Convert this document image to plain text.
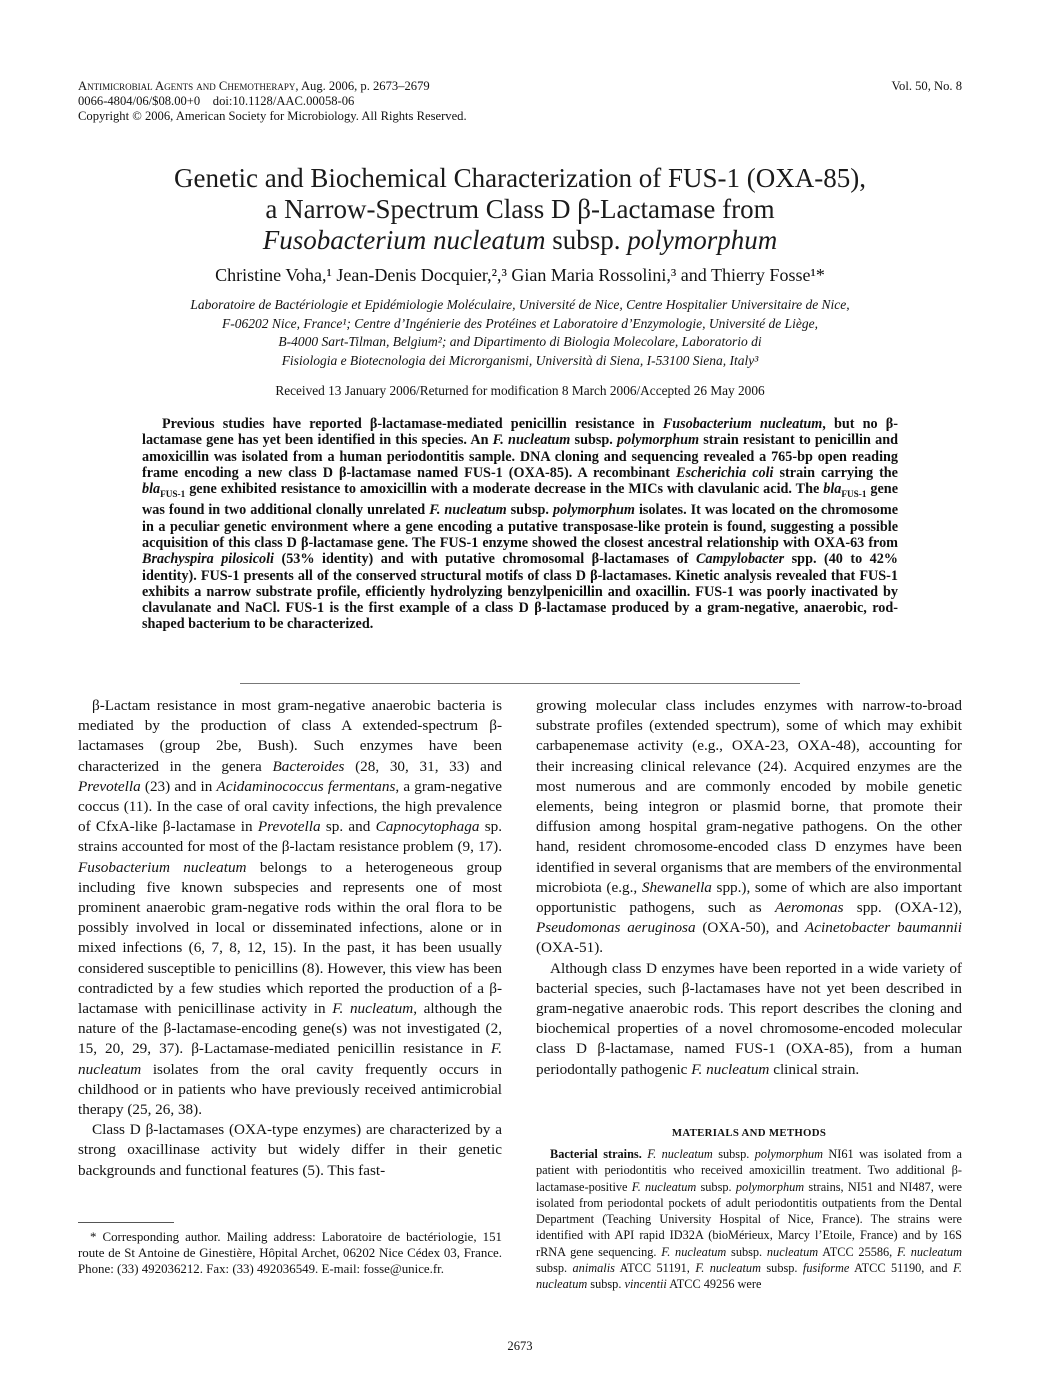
Antimicrobial Agents and Chemotherapy, Aug. 2006, p. 2673–2679
0066-4804/06/$08.00+0    doi:10.1128/AAC.00058-06
Copyright © 2006, American Society for Microbiology. All Rights Reserved.
Vol. 50, No. 8
Genetic and Biochemical Characterization of FUS-1 (OXA-85),
a Narrow-Spectrum Class D β-Lactamase from
Fusobacterium nucleatum subsp. polymorphum
Christine Voha,¹ Jean-Denis Docquier,²,³ Gian Maria Rossolini,³ and Thierry Fosse¹*
Laboratoire de Bactériologie et Epidémiologie Moléculaire, Université de Nice, Centre Hospitalier Universitaire de Nice,
F-06202 Nice, France¹; Centre d’Ingénierie des Protéines et Laboratoire d’Enzymologie, Université de Liège,
B-4000 Sart-Tilman, Belgium²; and Dipartimento di Biologia Molecolare, Laboratorio di
Fisiologia e Biotecnologia dei Microrganismi, Università di Siena, I-53100 Siena, Italy³
Received 13 January 2006/Returned for modification 8 March 2006/Accepted 26 May 2006

Previous studies have reported β-lactamase-mediated penicillin resistance in Fusobacterium nucleatum, but no β-lactamase gene has yet been identified in this species. An F. nucleatum subsp. polymorphum strain resistant to penicillin and amoxicillin was isolated from a human periodontitis sample. DNA cloning and sequencing revealed a 765-bp open reading frame encoding a new class D β-lactamase named FUS-1 (OXA-85). A recombinant Escherichia coli strain carrying the bla$_{FUS-1}$ gene exhibited resistance to amoxicillin with a moderate decrease in the MICs with clavulanic acid. The bla$_{FUS-1}$ gene was found in two additional clonally unrelated F. nucleatum subsp. polymorphum isolates. It was located on the chromosome in a peculiar genetic environment where a gene encoding a putative transposase-like protein is found, suggesting a possible acquisition of this class D β-lactamase gene. The FUS-1 enzyme showed the closest ancestral relationship with OXA-63 from Brachyspira pilosicoli (53% identity) and with putative chromosomal β-lactamases of Campylobacter spp. (40 to 42% identity). FUS-1 presents all of the conserved structural motifs of class D β-lactamases. Kinetic analysis revealed that FUS-1 exhibits a narrow substrate profile, efficiently hydrolyzing benzylpenicillin and oxacillin. FUS-1 was poorly inactivated by clavulanate and NaCl. FUS-1 is the first example of a class D β-lactamase produced by a gram-negative, anaerobic, rod-shaped bacterium to be characterized.

β-Lactam resistance in most gram-negative anaerobic bacteria is mediated by the production of class A extended-spectrum β-lactamases (group 2be, Bush). Such enzymes have been characterized in the genera Bacteroides (28, 30, 31, 33) and Prevotella (23) and in Acidaminococcus fermentans, a gram-negative coccus (11). In the case of oral cavity infections, the high prevalence of CfxA-like β-lactamase in Prevotella sp. and Capnocytophaga sp. strains accounted for most of the β-lactam resistance problem (9, 17). Fusobacterium nucleatum belongs to a heterogeneous group including five known subspecies and represents one of most prominent anaerobic gram-negative rods within the oral flora to be possibly involved in local or disseminated infections, alone or in mixed infections (6, 7, 8, 12, 15). In the past, it has been usually considered susceptible to penicillins (8). However, this view has been contradicted by a few studies which reported the production of a β-lactamase with penicillinase activity in F. nucleatum, although the nature of the β-lactamase-encoding gene(s) was not investigated (2, 15, 20, 29, 37). β-Lactamase-mediated penicillin resistance in F. nucleatum isolates from the oral cavity frequently occurs in childhood or in patients who have previously received antimicrobial therapy (25, 26, 38).

Class D β-lactamases (OXA-type enzymes) are characterized by a strong oxacillinase activity but widely differ in their genetic backgrounds and functional features (5). This fast-

growing molecular class includes enzymes with narrow-to-broad substrate profiles (extended spectrum), some of which may exhibit carbapenemase activity (e.g., OXA-23, OXA-48), accounting for their increasing clinical relevance (24). Acquired enzymes are the most numerous and are commonly encoded by mobile genetic elements, being integron or plasmid borne, that promote their diffusion among hospital gram-negative pathogens. On the other hand, resident chromosome-encoded class D enzymes have been identified in several organisms that are members of the environmental microbiota (e.g., Shewanella spp.), some of which are also important opportunistic pathogens, such as Aeromonas spp. (OXA-12), Pseudomonas aeruginosa (OXA-50), and Acinetobacter baumannii (OXA-51).

Although class D enzymes have been reported in a wide variety of bacterial species, such β-lactamases have not yet been described in gram-negative anaerobic rods. This report describes the cloning and biochemical properties of a novel chromosome-encoded molecular class D β-lactamase, named FUS-1 (OXA-85), from a human periodontally pathogenic F. nucleatum clinical strain.

MATERIALS AND METHODS

Bacterial strains. F. nucleatum subsp. polymorphum NI61 was isolated from a patient with periodontitis who received amoxicillin treatment. Two additional β-lactamase-positive F. nucleatum subsp. polymorphum strains, NI51 and NI487, were isolated from periodontal pockets of adult periodontitis outpatients from the Dental Department (Teaching University Hospital of Nice, France). The strains were identified with API rapid ID32A (bioMérieux, Marcy l’Etoile, France) and by 16S rRNA gene sequencing. F. nucleatum subsp. nucleatum ATCC 25586, F. nucleatum subsp. animalis ATCC 51191, F. nucleatum subsp. fusiforme ATCC 51190, and F. nucleatum subsp. vincentii ATCC 49256 were

* Corresponding author. Mailing address: Laboratoire de bactériologie, 151 route de St Antoine de Ginestière, Hôpital Archet, 06202 Nice Cédex 03, France. Phone: (33) 492036212. Fax: (33) 492036549. E-mail: fosse@unice.fr.

2673
